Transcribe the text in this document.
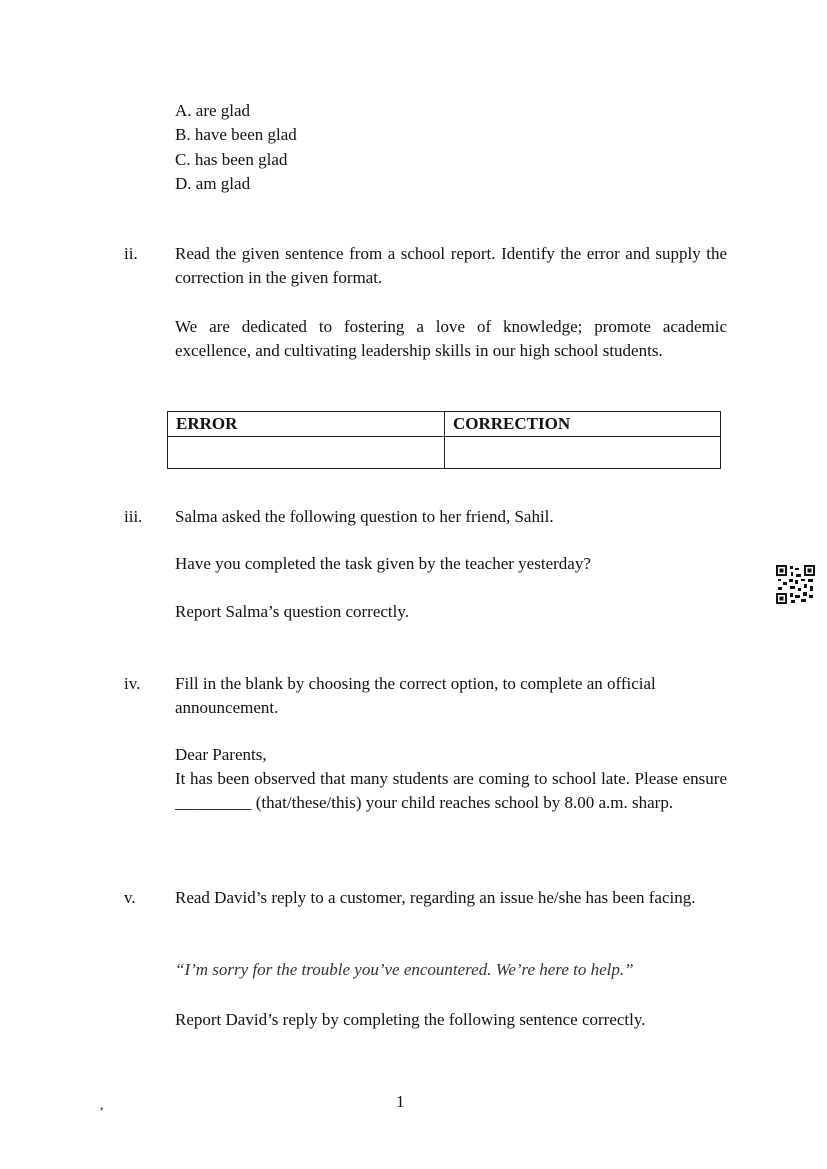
A. are glad
B. have been glad
C. has been glad
D. am glad
ii. Read the given sentence from a school report. Identify the error and supply the correction in the given format.
We are dedicated to fostering a love of knowledge; promote academic excellence, and cultivating leadership skills in our high school students.
ERROR	CORRECTION

iii. Salma asked the following question to her friend, Sahil.
Have you completed the task given by the teacher yesterday?
Report Salma’s question correctly.
iv. Fill in the blank by choosing the correct option, to complete an official announcement.
Dear Parents,
It has been observed that many students are coming to school late. Please ensure _________ (that/these/this) your child reaches school by 8.00 a.m. sharp.
v. Read David’s reply to a customer, regarding an issue he/she has been facing.
“I’m sorry for the trouble you’ve encountered. We’re here to help.”
Report David’s reply by completing the following sentence correctly.
,	1
